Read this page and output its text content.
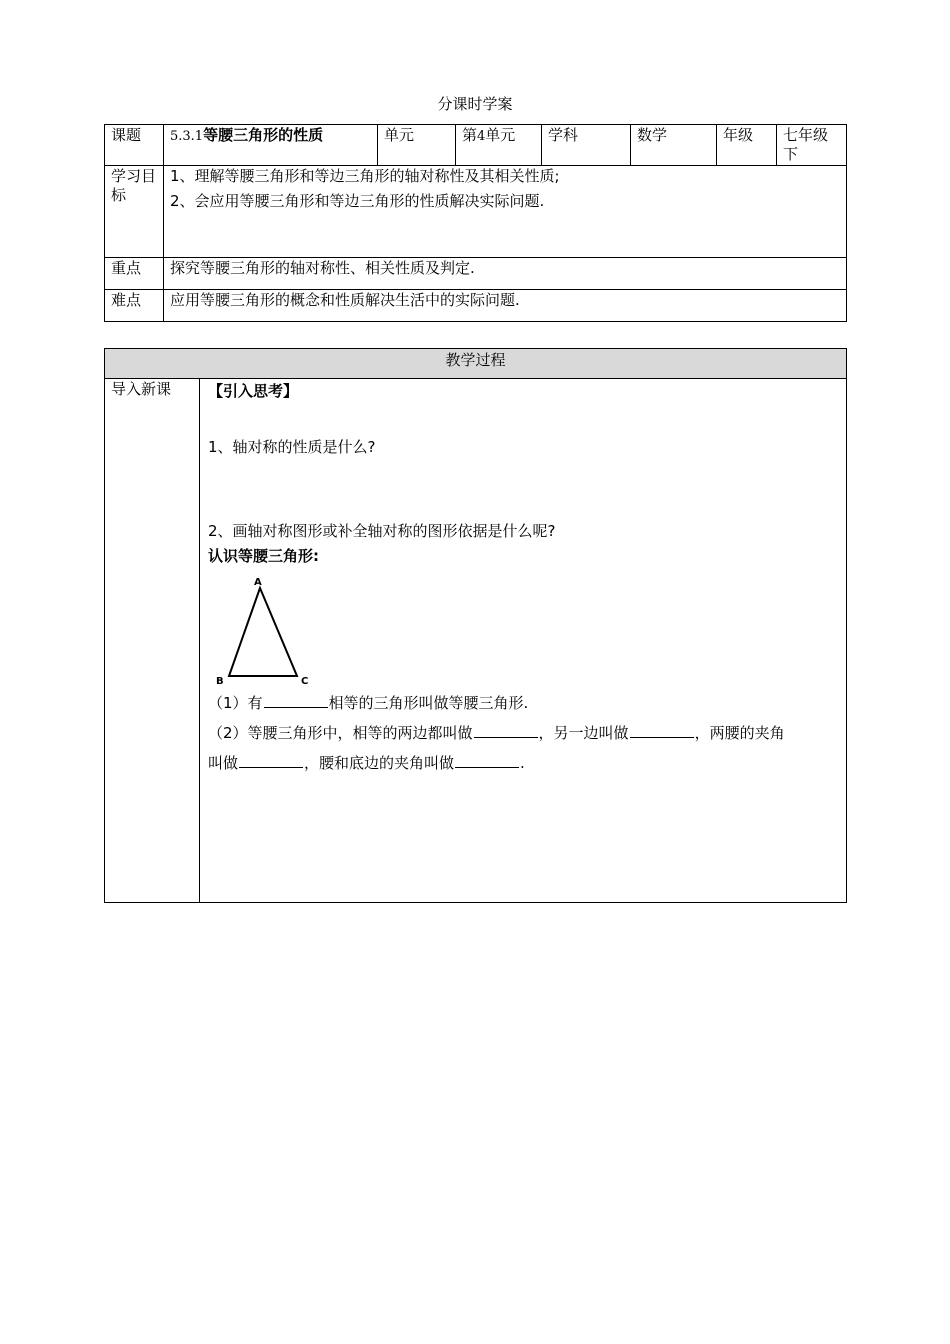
分课时学案
课题	5.3.1等腰三角形的性质	单元	第4单元	学科	数学	年级	七年级下
学习目标	1、理解等腰三角形和等边三角形的轴对称性及其相关性质;

2、会应用等腰三角形和等边三角形的性质解决实际问题.						

重点	探究等腰三角形的轴对称性、相关性质及判定.						
难点	应用等腰三角形的概念和性质解决生活中的实际问题.						
教学过程
导入新课	【引入思考】

1、轴对称的性质是什么?

2、画轴对称图形或补全轴对称的图形依据是什么呢?

认识等腰三角形:

A
B	C

（1）有	相等的三角形叫做等腰三角形.

（2）等腰三角形中，相等的两边都叫做	，另一边叫做	，两腰的夹角

叫做	，腰和底边的夹角叫做	.
